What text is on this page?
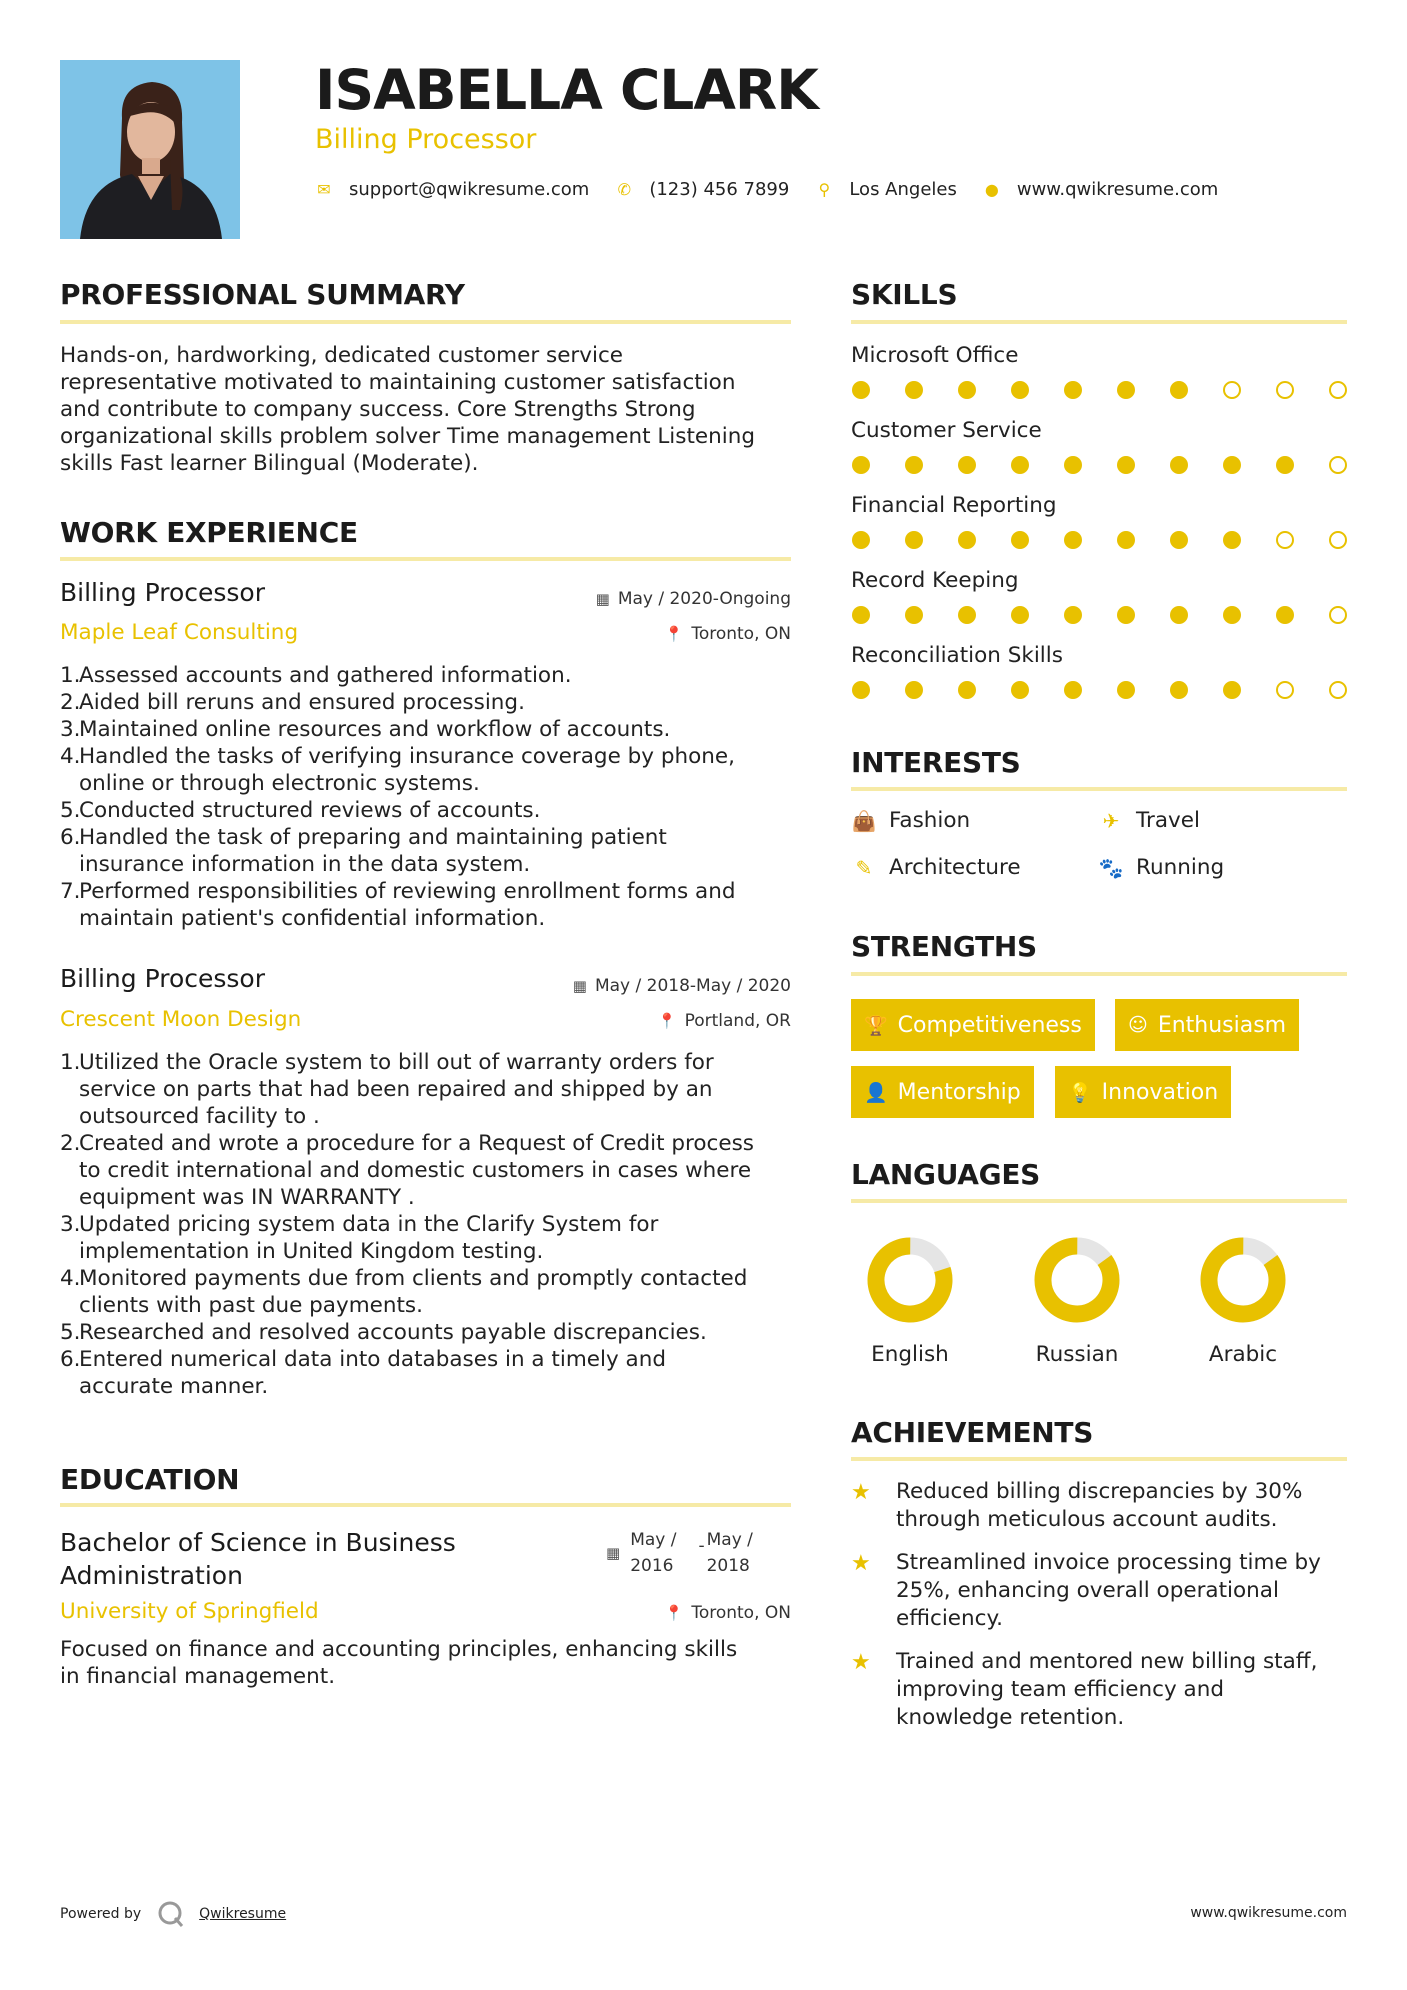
ISABELLA CLARK
Billing Processor
✉ support@qwikresume.com ✆ (123) 456 7899 ⚲ Los Angeles ● www.qwikresume.com
PROFESSIONAL SUMMARY
Hands-on, hardworking, dedicated customer service
representative motivated to maintaining customer satisfaction
and contribute to company success. Core Strengths Strong
organizational skills problem solver Time management Listening
skills Fast learner Bilingual (Moderate).
WORK EXPERIENCE
Billing Processor	▦ May / 2020-Ongoing
Maple Leaf Consulting	📍 Toronto, ON
1.
Assessed accounts and gathered information.
2.
Aided bill reruns and ensured processing.
3.
Maintained online resources and workflow of accounts.
4.
Handled the tasks of verifying insurance coverage by phone,
online or through electronic systems.
5.
Conducted structured reviews of accounts.
6.
Handled the task of preparing and maintaining patient
insurance information in the data system.
7.
Performed responsibilities of reviewing enrollment forms and
maintain patient's confidential information.
Billing Processor	▦ May / 2018-May / 2020
Crescent Moon Design	📍 Portland, OR
1.
Utilized the Oracle system to bill out of warranty orders for
service on parts that had been repaired and shipped by an
outsourced facility to .
2.
Created and wrote a procedure for a Request of Credit process
to credit international and domestic customers in cases where
equipment was IN WARRANTY .
3.
Updated pricing system data in the Clarify System for
implementation in United Kingdom testing.
4.
Monitored payments due from clients and promptly contacted
clients with past due payments.
5.
Researched and resolved accounts payable discrepancies.
6.
Entered numerical data into databases in a timely and
accurate manner.
EDUCATION
Bachelor of Science in Business
Administration
▦
May /
2016
- May /
2018
University of Springfield	📍 Toronto, ON
Focused on finance and accounting principles, enhancing skills
in financial management.
SKILLS
Microsoft Office
Customer Service
Financial Reporting
Record Keeping
Reconciliation Skills
INTERESTS
👜 Fashion	✈ Travel
✎ Architecture	🐾 Running
STRENGTHS
🏆 Competitiveness ☺ Enthusiasm
👤 Mentorship 💡 Innovation
LANGUAGES
English	Russian	Arabic
ACHIEVEMENTS
★	Reduced billing discrepancies by 30%
through meticulous account audits.
★	Streamlined invoice processing time by
25%, enhancing overall operational
efficiency.
★	Trained and mentored new billing staff,
improving team efficiency and
knowledge retention.
Powered by	Qwikresume	www.qwikresume.com
